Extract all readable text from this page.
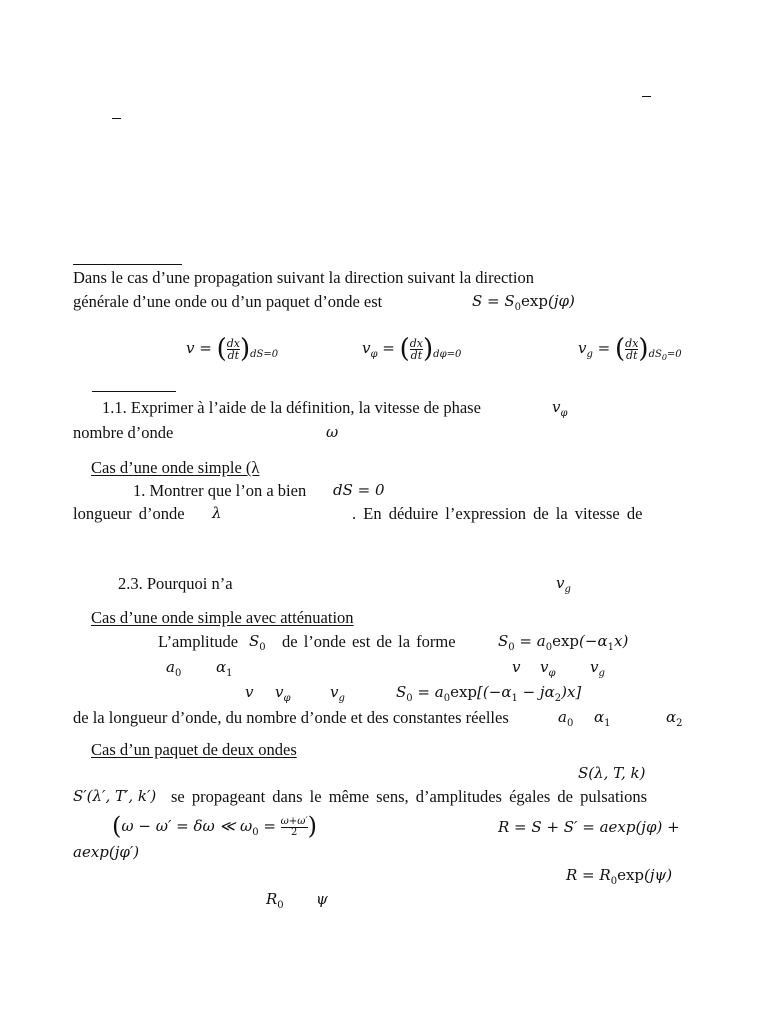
Dans le cas d’une propagation suivant la direction suivant la direction
générale d’une onde ou d’un paquet d’onde est	$S = S_0\exp(j\varphi)$
v = ( $\frac{dx}{dt} )_{dS=0}$	$v_\varphi$ = ( $\frac{dx}{dt} )_{d\varphi=0}$	$v_g$ = ( $\frac{dx}{dt} )_{dS_0=0}$
1.1. Exprimer à l’aide de la définition, la vitesse de phase	$v_\varphi$
nombre d’onde	ω
Cas d’une onde simple (λ
1. Montrer que l’on a bien dS = 0
longueur d’onde λ	. En déduire l’expression de la vitesse de
2.3. Pourquoi n’a	$v_g$
Cas d’une onde simple avec atténuation
L’amplitude $S_0$ de l’onde est de la forme	$S_0 = a_0\exp(-\alpha_1x)$
$a_0$ $\alpha_1$	v $v_\varphi$ $v_g$
v $v_\varphi$	$v_g$	$S_0 = a_0\exp[(-\alpha_1 - j\alpha_2)x]$
de la longueur d’onde, du nombre d’onde et des constantes réelles	$a_0$ $\alpha_1$	$\alpha_2$
Cas d’un paquet de deux ondes
S(λ, T, k)
S′(λ′, T′, k′) se propageant dans le même sens, d’amplitudes égales de pulsations
(ω − ω′ = δω ≪ $\omega_0 = \frac{\omega+\omega'}{2}$ )	R = S + S′ = aexp(jφ) +
aexp(jφ′)
$R = R_0\exp(j\psi)$
$R_0$ ψ
